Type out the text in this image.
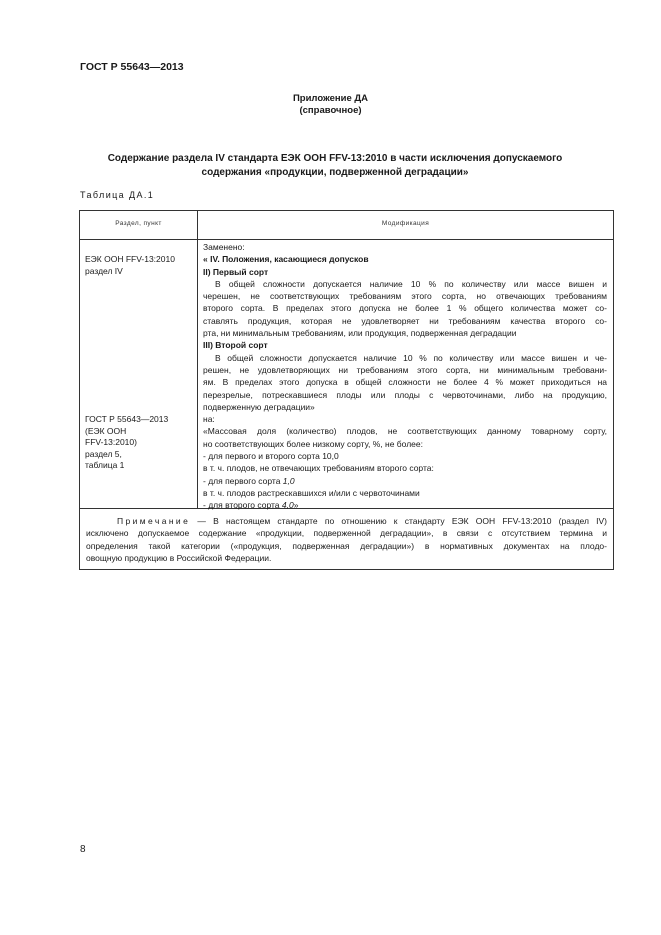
ГОСТ Р 55643—2013
Приложение ДА
(справочное)
Содержание раздела IV стандарта ЕЭК ООН FFV-13:2010 в части исключения допускаемого
содержания «продукции, подверженной деградации»
Таблица ДА.1
Раздел, пункт	Модификация
ЕЭК ООН FFV-13:2010
раздел IV
ГОСТ Р 55643—2013
(ЕЭК ООН
FFV-13:2010)
раздел 5,
таблица 1
Заменено:
« IV. Положения, касающиеся допусков
II) Первый сорт
В общей сложности допускается наличие 10 % по количеству или массе вишен и
черешен, не соответствующих требованиям этого сорта, но отвечающих требованиям
второго сорта. В пределах этого допуска не более 1 % общего количества может со-
ставлять продукция, которая не удовлетворяет ни требованиям качества второго со-
рта, ни минимальным требованиям, или продукция, подверженная деградации
III) Второй сорт
В общей сложности допускается наличие 10 % по количеству или массе вишен и че-
решен, не удовлетворяющих ни требованиям этого сорта, ни минимальным требовани-
ям. В пределах этого допуска в общей сложности не более 4 % может приходиться на
перезрелые, потрескавшиеся плоды или плоды с червоточинами, либо на продукцию,
подверженную деградации»
на:
«Массовая доля (количество) плодов, не соответствующих данному товарному сорту,
но соответствующих более низкому сорту, %, не более:
- для первого и второго сорта 10,0
в т. ч. плодов, не отвечающих требованиям второго сорта:
- для первого сорта 1,0
в т. ч. плодов растрескавшихся и/или с червоточинами
- для второго сорта 4,0»
Примечание — В настоящем стандарте по отношению к стандарту ЕЭК ООН FFV-13:2010 (раздел IV)
исключено допускаемое содержание «продукции, подверженной деградации», в связи с отсутствием термина и
определения такой категории («продукция, подверженная деградации») в нормативных документах на плодо-
овощную продукцию в Российской Федерации.
8
